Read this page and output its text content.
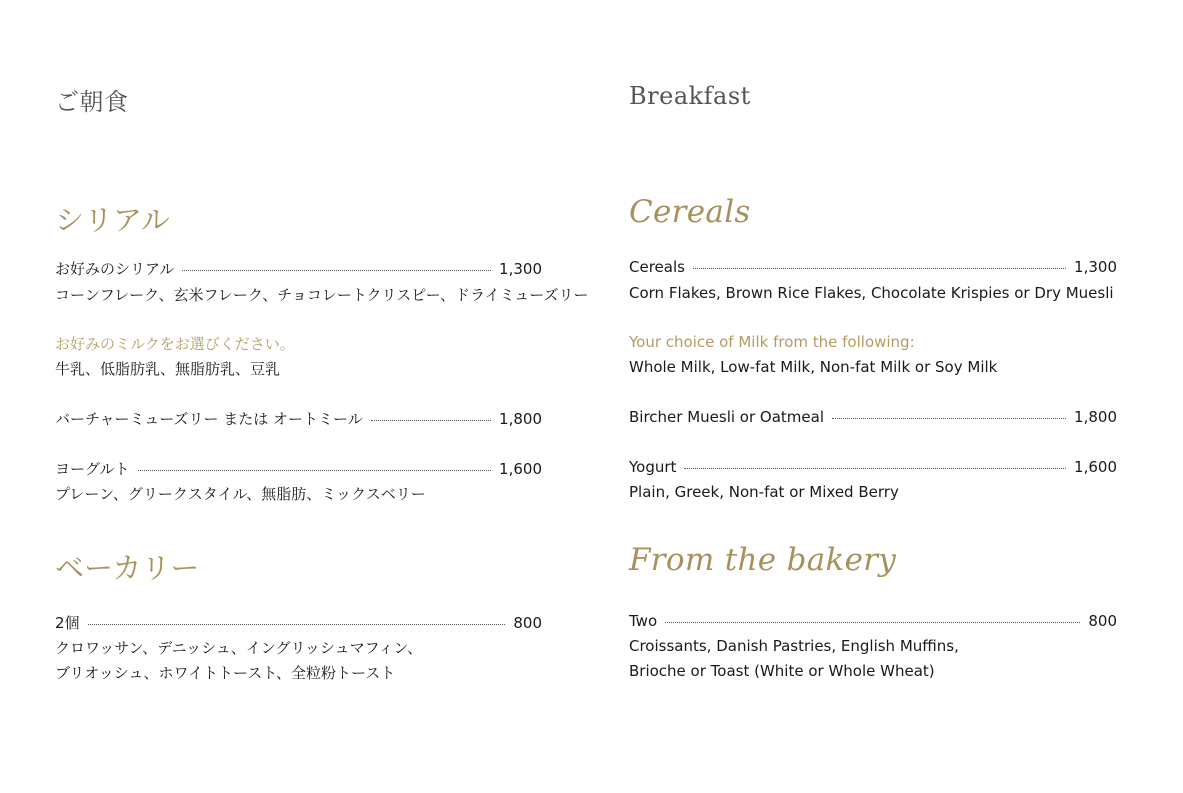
ご朝食
シリアル
お好みのシリアル	1,300
コーンフレーク、玄米フレーク、チョコレートクリスピー、ドライミューズリー
お好みのミルクをお選びください。
牛乳、低脂肪乳、無脂肪乳、豆乳
バーチャーミューズリー または オートミール	1,800
ヨーグルト	1,600
プレーン、グリークスタイル、無脂肪、ミックスベリー
ベーカリー
2個	800
クロワッサン、デニッシュ、イングリッシュマフィン、
ブリオッシュ、ホワイトトースト、全粒粉トースト
Breakfast
Cereals
Cereals	1,300
Corn Flakes, Brown Rice Flakes, Chocolate Krispies or Dry Muesli
Your choice of Milk from the following:
Whole Milk, Low-fat Milk, Non-fat Milk or Soy Milk
Bircher Muesli or Oatmeal	1,800
Yogurt	1,600
Plain, Greek, Non-fat or Mixed Berry
From the bakery
Two	800
Croissants, Danish Pastries, English Muffins,
Brioche or Toast (White or Whole Wheat)
